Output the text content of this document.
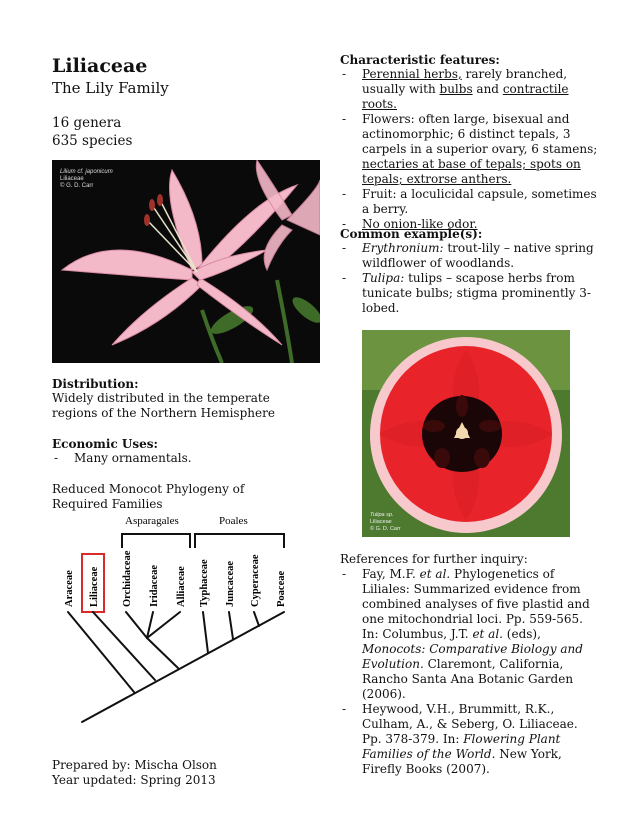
Liliaceae
The Lily Family
16 genera
635 species
Lilium cf. japonicum
Liliaceae
© G. D. Carr
Distribution:
Widely distributed in the temperate regions of the Northern Hemisphere
Economic Uses:
- Many ornamentals.
Reduced Monocot Phylogeny of Required Families
Asparagales	Poales
Araceae Liliaceae Orchidaceae Iridaceae Alliaceae Typhaceae Juncaceae Cyperaceae Poaceae
Characteristic features:
- Perennial herbs, rarely branched, usually with bulbs and contractile roots.
- Flowers: often large, bisexual and actinomorphic; 6 distinct tepals, 3 carpels in a superior ovary, 6 stamens; nectaries at base of tepals; spots on tepals; extrorse anthers.
- Fruit: a loculicidal capsule, sometimes a berry.
- No onion-like odor.
Common example(s):
- Erythronium: trout-lily – native spring wildflower of woodlands.
- Tulipa: tulips – scapose herbs from tunicate bulbs; stigma prominently 3-lobed.
Tulipa sp.
Liliaceae
© G. D. Carr
References for further inquiry:
- Fay, M.F. et al. Phylogenetics of Liliales: Summarized evidence from combined analyses of five plastid and one mitochondrial loci. Pp. 559-565. In: Columbus, J.T. et al. (eds), Monocots: Comparative Biology and Evolution. Claremont, California, Rancho Santa Ana Botanic Garden (2006).
- Heywood, V.H., Brummitt, R.K., Culham, A., & Seberg, O. Liliaceae. Pp. 378-379. In: Flowering Plant Families of the World. New York, Firefly Books (2007).
Prepared by: Mischa Olson
Year updated: Spring 2013
